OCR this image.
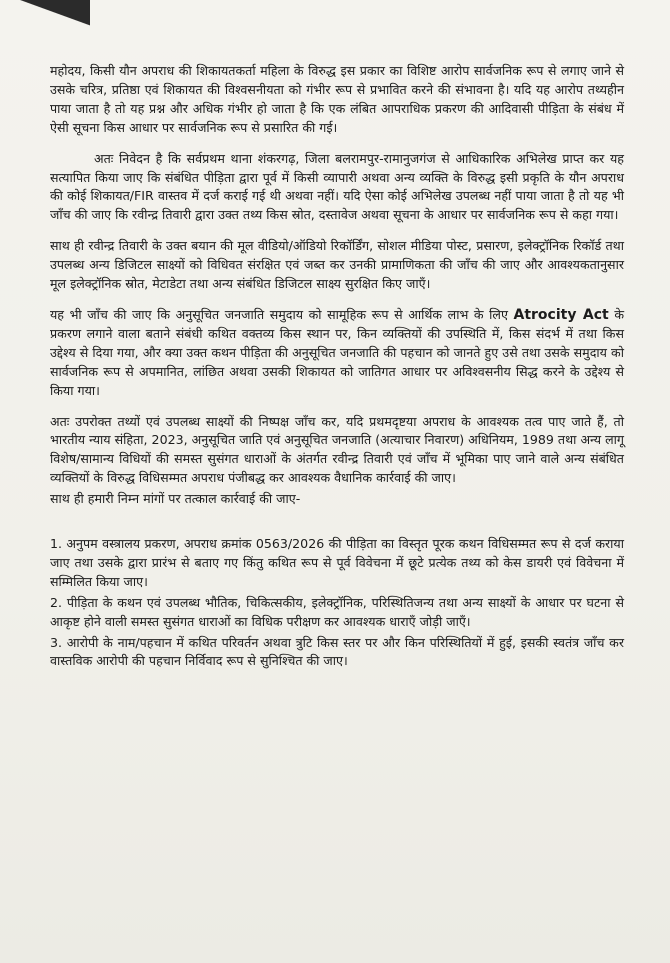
महोदय, किसी यौन अपराध की शिकायतकर्ता महिला के विरुद्ध इस प्रकार का विशिष्ट आरोप सार्वजनिक रूप से लगाए जाने से उसके चरित्र, प्रतिष्ठा एवं शिकायत की विश्वसनीयता को गंभीर रूप से प्रभावित करने की संभावना है। यदि यह आरोप तथ्यहीन पाया जाता है तो यह प्रश्न और अधिक गंभीर हो जाता है कि एक लंबित आपराधिक प्रकरण की आदिवासी पीड़िता के संबंध में ऐसी सूचना किस आधार पर सार्वजनिक रूप से प्रसारित की गई।

अतः निवेदन है कि सर्वप्रथम थाना शंकरगढ़, जिला बलरामपुर-रामानुजगंज से आधिकारिक अभिलेख प्राप्त कर यह सत्यापित किया जाए कि संबंधित पीड़िता द्वारा पूर्व में किसी व्यापारी अथवा अन्य व्यक्ति के विरुद्ध इसी प्रकृति के यौन अपराध की कोई शिकायत/FIR वास्तव में दर्ज कराई गई थी अथवा नहीं। यदि ऐसा कोई अभिलेख उपलब्ध नहीं पाया जाता है तो यह भी जाँच की जाए कि रवीन्द्र तिवारी द्वारा उक्त तथ्य किस स्रोत, दस्तावेज अथवा सूचना के आधार पर सार्वजनिक रूप से कहा गया।

साथ ही रवीन्द्र तिवारी के उक्त बयान की मूल वीडियो/ऑडियो रिकॉर्डिंग, सोशल मीडिया पोस्ट, प्रसारण, इलेक्ट्रॉनिक रिकॉर्ड तथा उपलब्ध अन्य डिजिटल साक्ष्यों को विधिवत संरक्षित एवं जब्त कर उनकी प्रामाणिकता की जाँच की जाए और आवश्यकतानुसार मूल इलेक्ट्रॉनिक स्रोत, मेटाडेटा तथा अन्य संबंधित डिजिटल साक्ष्य सुरक्षित किए जाएँ।

यह भी जाँच की जाए कि अनुसूचित जनजाति समुदाय को सामूहिक रूप से आर्थिक लाभ के लिए Atrocity Act के प्रकरण लगाने वाला बताने संबंधी कथित वक्तव्य किस स्थान पर, किन व्यक्तियों की उपस्थिति में, किस संदर्भ में तथा किस उद्देश्य से दिया गया, और क्या उक्त कथन पीड़िता की अनुसूचित जनजाति की पहचान को जानते हुए उसे तथा उसके समुदाय को सार्वजनिक रूप से अपमानित, लांछित अथवा उसकी शिकायत को जातिगत आधार पर अविश्वसनीय सिद्ध करने के उद्देश्य से किया गया।

अतः उपरोक्त तथ्यों एवं उपलब्ध साक्ष्यों की निष्पक्ष जाँच कर, यदि प्रथमदृष्टया अपराध के आवश्यक तत्व पाए जाते हैं, तो भारतीय न्याय संहिता, 2023, अनुसूचित जाति एवं अनुसूचित जनजाति (अत्याचार निवारण) अधिनियम, 1989 तथा अन्य लागू विशेष/सामान्य विधियों की समस्त सुसंगत धाराओं के अंतर्गत रवीन्द्र तिवारी एवं जाँच में भूमिका पाए जाने वाले अन्य संबंधित व्यक्तियों के विरुद्ध विधिसम्मत अपराध पंजीबद्ध कर आवश्यक वैधानिक कार्रवाई की जाए।

साथ ही हमारी निम्न मांगों पर तत्काल कार्रवाई की जाए-

1. अनुपम वस्त्रालय प्रकरण, अपराध क्रमांक 0563/2026 की पीड़िता का विस्तृत पूरक कथन विधिसम्मत रूप से दर्ज कराया जाए तथा उसके द्वारा प्रारंभ से बताए गए किंतु कथित रूप से पूर्व विवेचना में छूटे प्रत्येक तथ्य को केस डायरी एवं विवेचना में सम्मिलित किया जाए।

2. पीड़िता के कथन एवं उपलब्ध भौतिक, चिकित्सकीय, इलेक्ट्रॉनिक, परिस्थितिजन्य तथा अन्य साक्ष्यों के आधार पर घटना से आकृष्ट होने वाली समस्त सुसंगत धाराओं का विधिक परीक्षण कर आवश्यक धाराएँ जोड़ी जाएँ।

3. आरोपी के नाम/पहचान में कथित परिवर्तन अथवा त्रुटि किस स्तर पर और किन परिस्थितियों में हुई, इसकी स्वतंत्र जाँच कर वास्तविक आरोपी की पहचान निर्विवाद रूप से सुनिश्चित की जाए।
